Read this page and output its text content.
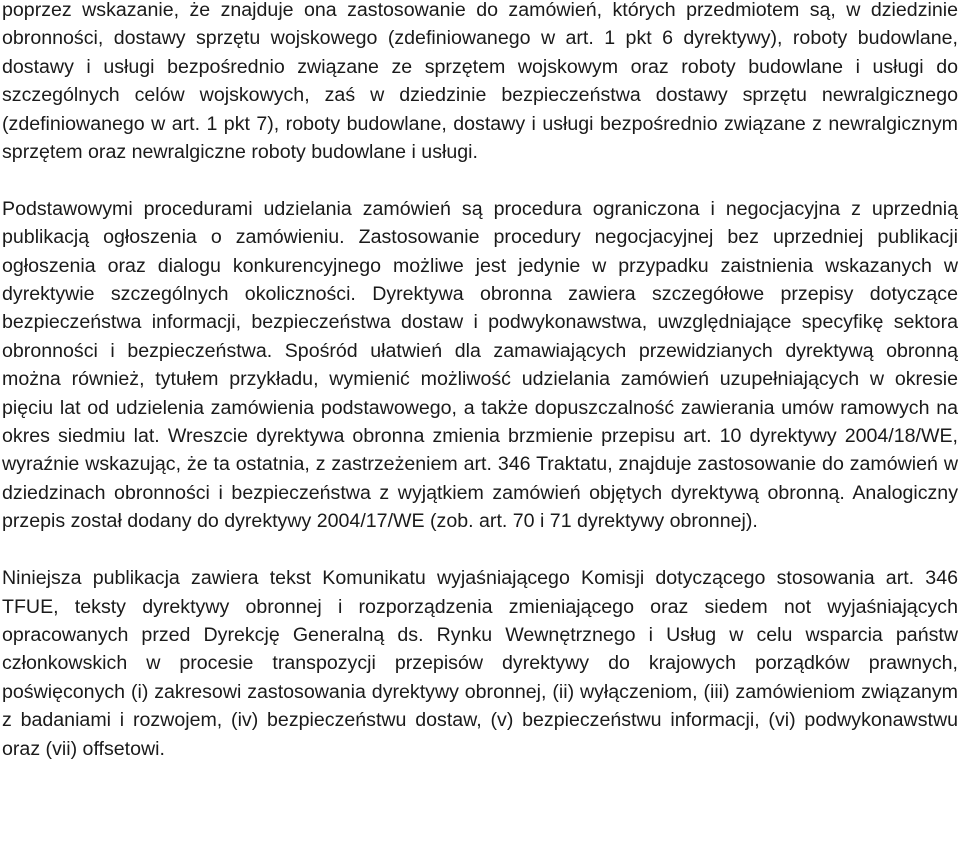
poprzez wskazanie, że znajduje ona zastosowanie do zamówień, których przedmiotem są, w dziedzinie obronności, dostawy sprzętu wojskowego (zdefiniowanego w art. 1 pkt 6 dyrektywy), roboty budowlane, dostawy i usługi bezpośrednio związane ze sprzętem wojskowym oraz roboty budowlane i usługi do szczególnych celów wojskowych, zaś w dziedzinie bezpieczeństwa dostawy sprzętu newralgicznego (zdefiniowanego w art. 1 pkt 7), roboty budowlane, dostawy i usługi bezpośrednio związane z newralgicznym sprzętem oraz newralgiczne roboty budowlane i usługi.

Podstawowymi procedurami udzielania zamówień są procedura ograniczona i negocjacyjna z uprzednią publikacją ogłoszenia o zamówieniu. Zastosowanie procedury negocjacyjnej bez uprzedniej publikacji ogłoszenia oraz dialogu konkurencyjnego możliwe jest jedynie w przypadku zaistnienia wskazanych w dyrektywie szczególnych okoliczności. Dyrektywa obronna zawiera szczegółowe przepisy dotyczące bezpieczeństwa informacji, bezpieczeństwa dostaw i podwykonawstwa, uwzględniające specyfikę sektora obronności i bezpieczeństwa. Spośród ułatwień dla zamawiających przewidzianych dyrektywą obronną można również, tytułem przykładu, wymienić możliwość udzielania zamówień uzupełniających w okresie pięciu lat od udzielenia zamówienia podstawowego, a także dopuszczalność zawierania umów ramowych na okres siedmiu lat. Wreszcie dyrektywa obronna zmienia brzmienie przepisu art. 10 dyrektywy 2004/18/WE, wyraźnie wskazując, że ta ostatnia, z zastrzeżeniem art. 346 Traktatu, znajduje zastosowanie do zamówień w dziedzinach obronności i bezpieczeństwa z wyjątkiem zamówień objętych dyrektywą obronną. Analogiczny przepis został dodany do dyrektywy 2004/17/WE (zob. art. 70 i 71 dyrektywy obronnej).

Niniejsza publikacja zawiera tekst Komunikatu wyjaśniającego Komisji dotyczącego stosowania art. 346 TFUE, teksty dyrektywy obronnej i rozporządzenia zmieniającego oraz siedem not wyjaśniających opracowanych przed Dyrekcję Generalną ds. Rynku Wewnętrznego i Usług w celu wsparcia państw członkowskich w procesie transpozycji przepisów dyrektywy do krajowych porządków prawnych, poświęconych (i) zakresowi zastosowania dyrektywy obronnej, (ii) wyłączeniom, (iii) zamówieniom związanym z badaniami i rozwojem, (iv) bezpieczeństwu dostaw, (v) bezpieczeństwu informacji, (vi) podwykonawstwu oraz (vii) offsetowi.
